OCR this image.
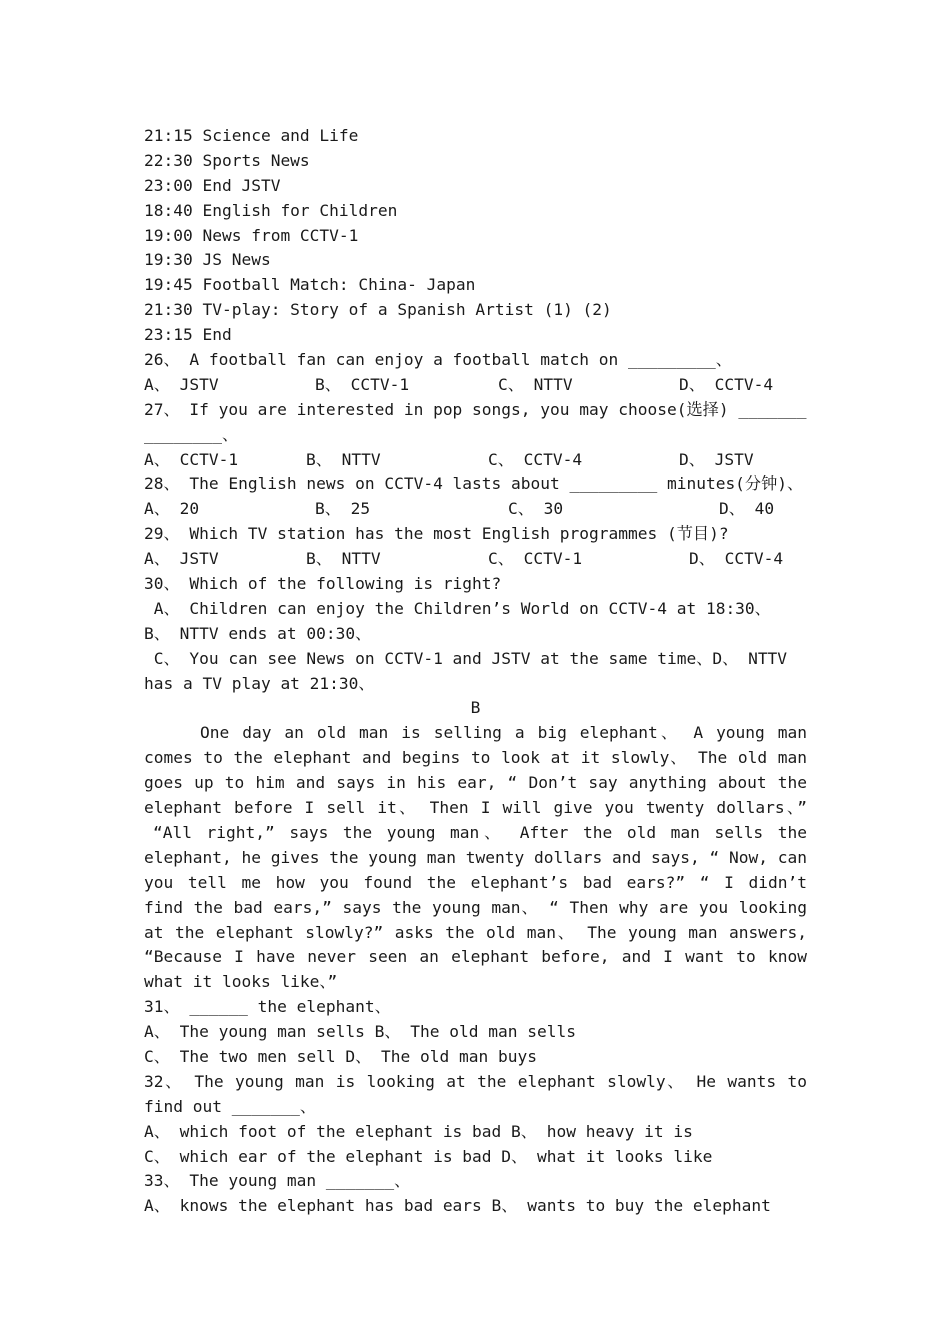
21:15 Science and Life
22:30 Sports News
23:00 End JSTV
18:40 English for Children
19:00 News from CCTV-1
19:30 JS News
19:45 Football Match: China- Japan
21:30 TV-play: Story of a Spanish Artist (1) (2)
23:15 End
26、 A football fan can enjoy a football match on _________、
A、 JSTV	B、 CCTV-1	C、 NTTV	D、 CCTV-4
27、 If you are interested in pop songs, you may choose(选择) _______
________、
A、 CCTV-1	B、 NTTV	C、 CCTV-4	D、 JSTV
28、 The English news on CCTV-4 lasts about _________ minutes(分钟)、
A、 20	B、 25	C、 30	D、 40
29、 Which TV station has the most English programmes (节目)?
A、 JSTV	B、 NTTV	C、 CCTV-1	D、 CCTV-4
30、 Which of the following is right?
A、 Children can enjoy the Children’s World on CCTV-4 at 18:30、
B、 NTTV ends at 00:30、
C、 You can see News on CCTV-1 and JSTV at the same time、D、 NTTV
has a TV play at 21:30、
B
One day an old man is selling a big elephant、 A young man
comes to the elephant and begins to look at it slowly、 The old man
goes up to him and says in his ear, “ Don’t say anything about the
elephant before I sell it、 Then I will give you twenty dollars、”
“All right,” says the young man、 After the old man sells the
elephant, he gives the young man twenty dollars and says, “ Now, can
you tell me how you found the elephant’s bad ears?” “ I didn’t
find the bad ears,” says the young man、 “ Then why are you looking
at the elephant slowly?” asks the old man、 The young man answers,
“Because I have never seen an elephant before, and I want to know
what it looks like、”
31、 ______ the elephant、
A、 The young man sells B、 The old man sells
C、 The two men sell D、 The old man buys
32、 The young man is looking at the elephant slowly、 He wants to
find out _______、
A、 which foot of the elephant is bad B、 how heavy it is
C、 which ear of the elephant is bad D、 what it looks like
33、 The young man _______、
A、 knows the elephant has bad ears B、 wants to buy the elephant
